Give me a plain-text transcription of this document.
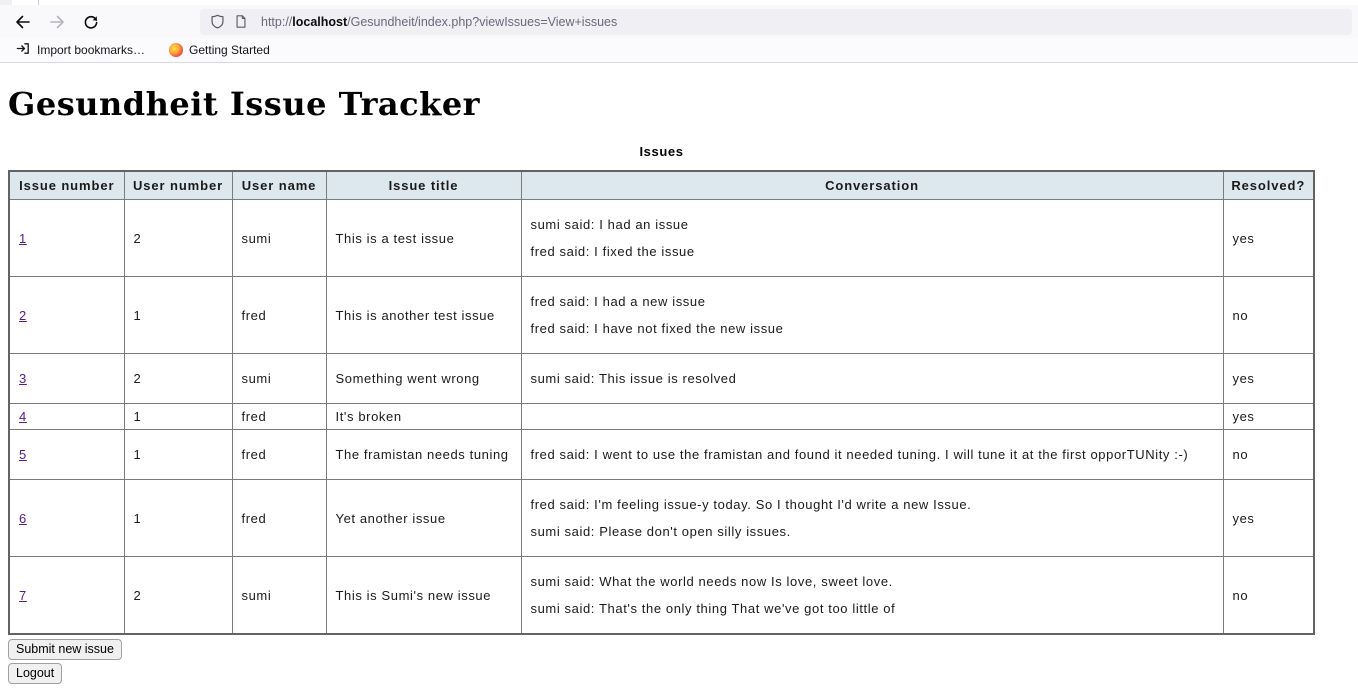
http://localhost/Gesundheit/index.php?viewIssues=View+issues
Import bookmarks…	Getting Started
Gesundheit Issue Tracker
Issues
Issue number	User number	User name	Issue title	Conversation	Resolved?
1	2	sumi	This is a test issue	sumi said: I had an issue

fred said: I fixed the issue	yes
2	1	fred	This is another test issue	fred said: I had a new issue

fred said: I have not fixed the new issue	no
3	2	sumi	Something went wrong	sumi said: This issue is resolved	yes
4	1	fred	It's broken		yes
5	1	fred	The framistan needs tuning	fred said: I went to use the framistan and found it needed tuning. I will tune it at the first opporTUNity :-)	no
6	1	fred	Yet another issue	fred said: I'm feeling issue-y today. So I thought I'd write a new Issue.

sumi said: Please don't open silly issues.	yes
7	2	sumi	This is Sumi's new issue	sumi said: What the world needs now Is love, sweet love.

sumi said: That's the only thing That we've got too little of	no
Submit new issue
Logout
